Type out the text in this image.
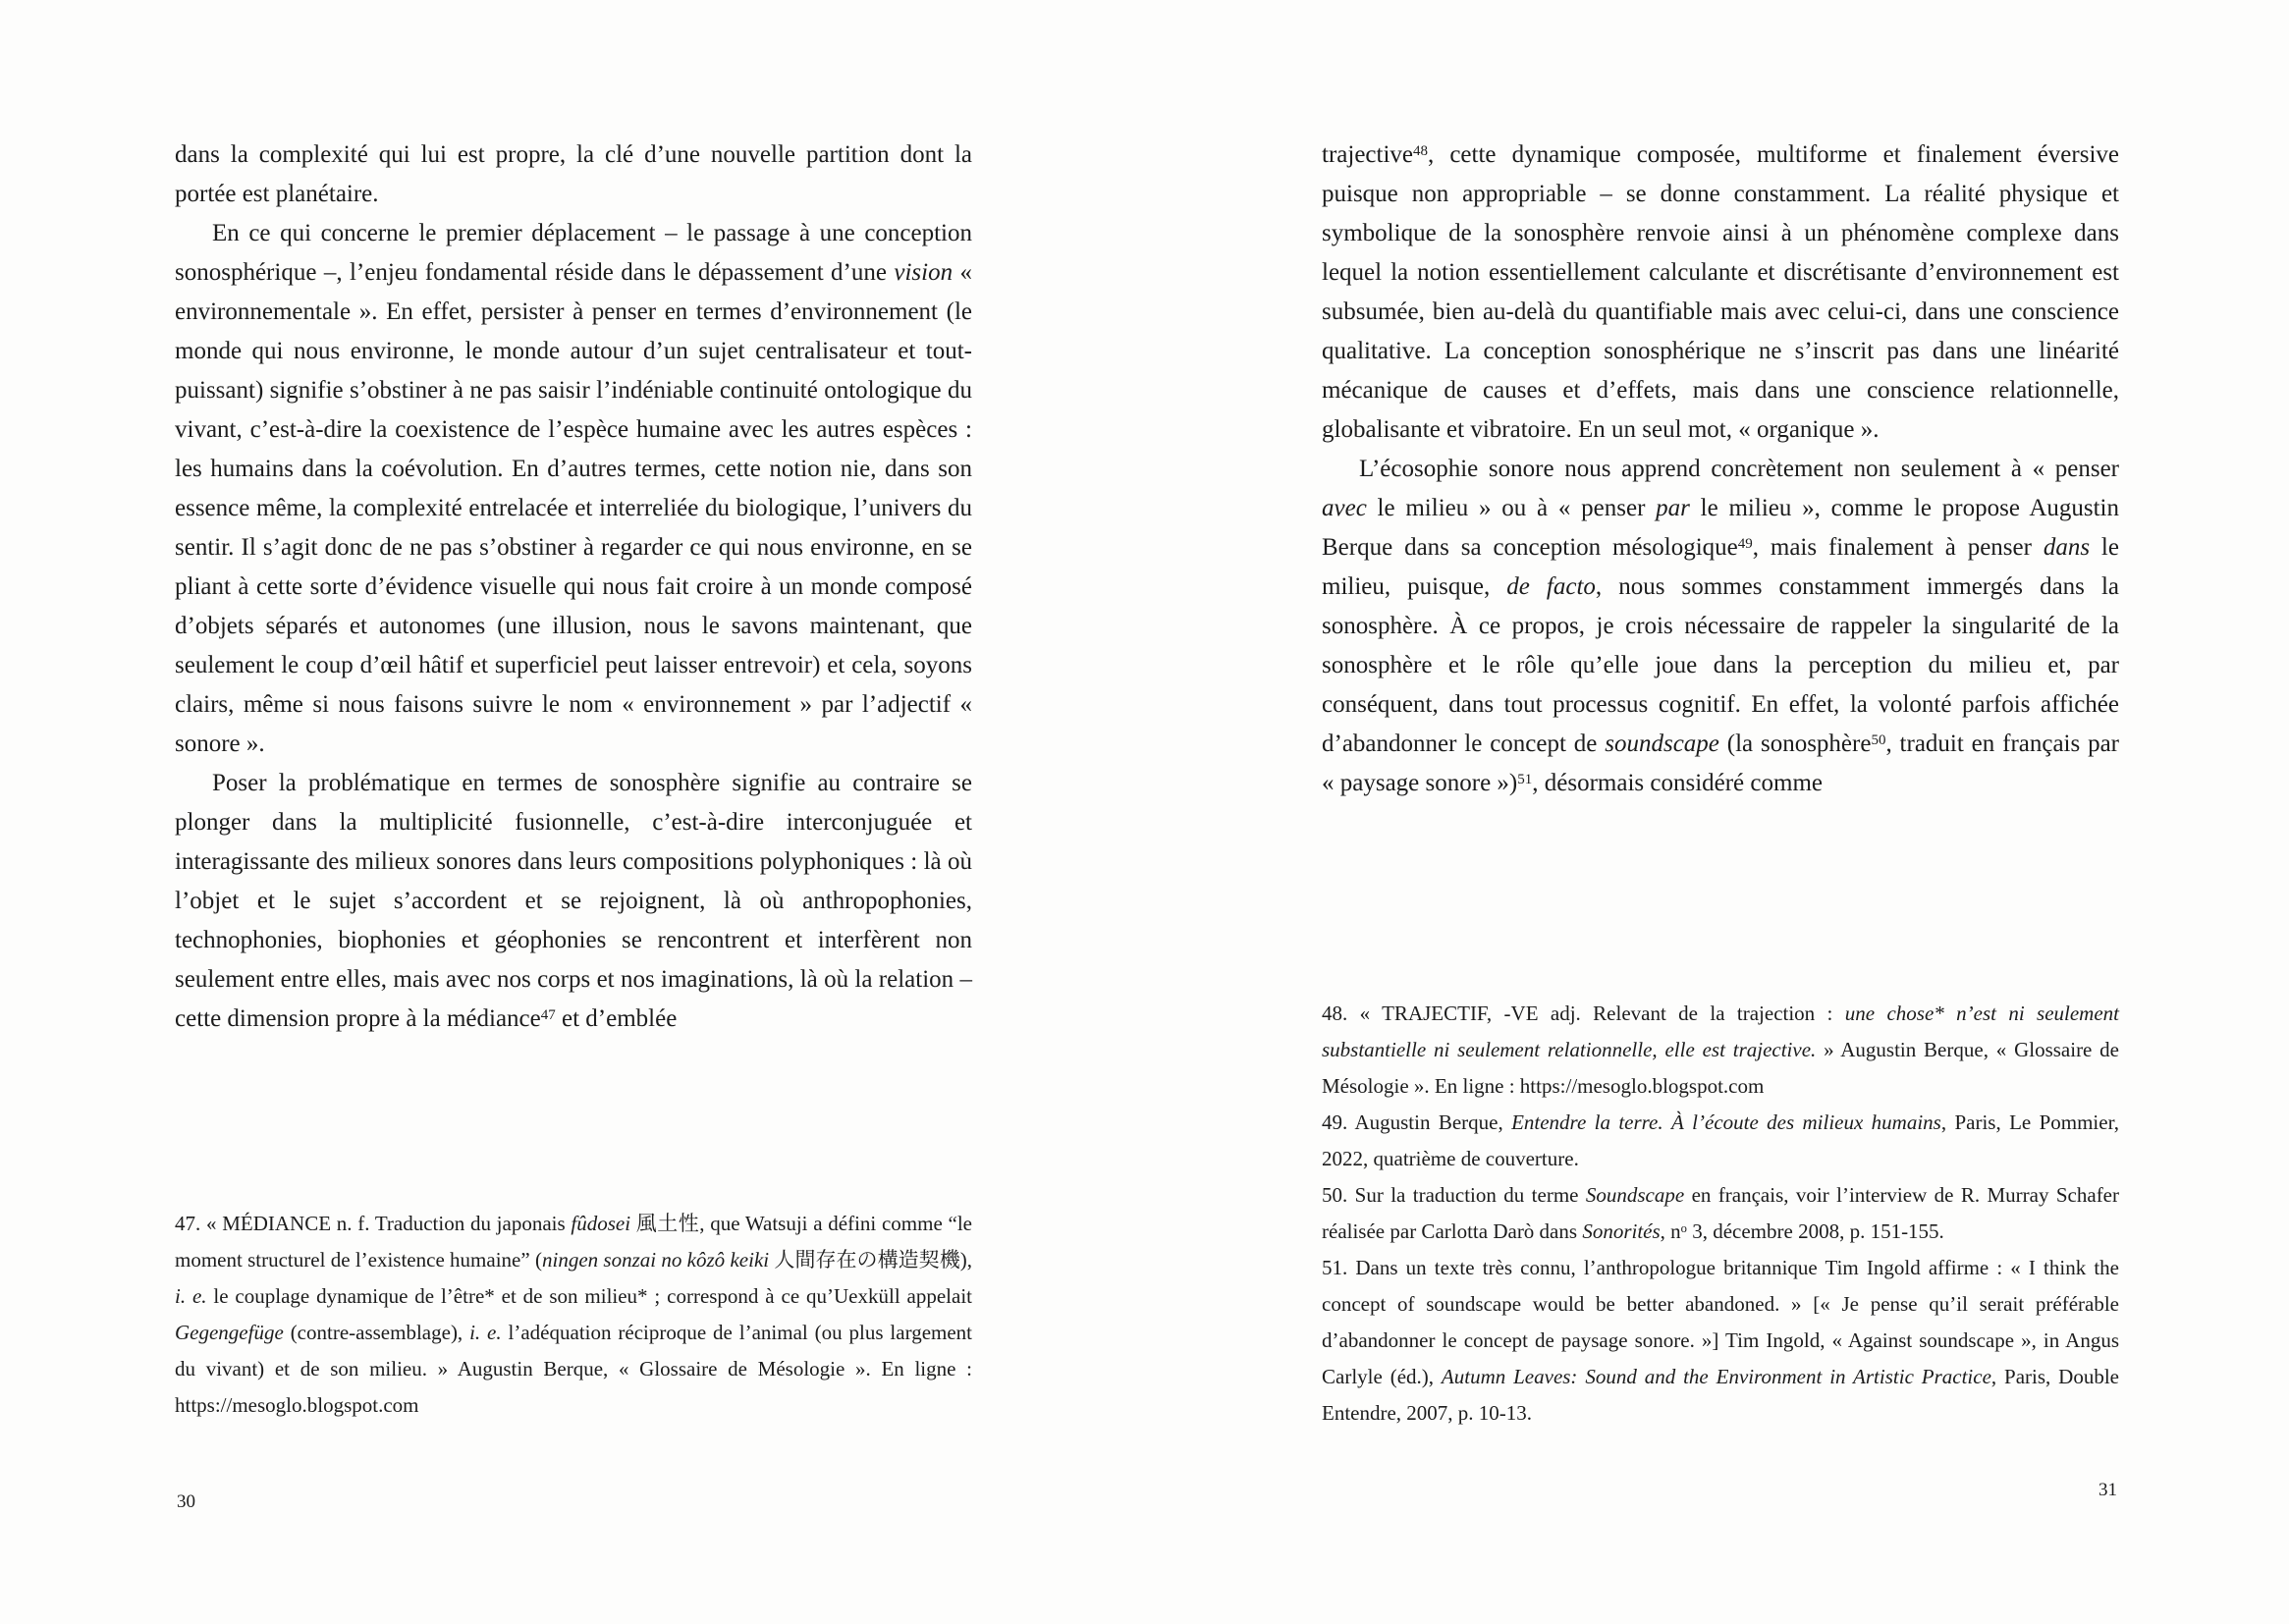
dans la complexité qui lui est propre, la clé d’une nouvelle partition dont la portée est planétaire.

En ce qui concerne le premier déplacement – le passage à une conception sonosphérique –, l’enjeu fondamental réside dans le dépassement d’une vision « environnementale ». En effet, persister à penser en termes d’environnement (le monde qui nous environne, le monde autour d’un sujet centralisateur et tout-puissant) signifie s’obstiner à ne pas saisir l’indéniable continuité ontologique du vivant, c’est-à-dire la coexistence de l’espèce humaine avec les autres espèces : les humains dans la coévolution. En d’autres termes, cette notion nie, dans son essence même, la complexité entrelacée et interreliée du biologique, l’univers du sentir. Il s’agit donc de ne pas s’obstiner à regarder ce qui nous environne, en se pliant à cette sorte d’évidence visuelle qui nous fait croire à un monde composé d’objets séparés et autonomes (une illusion, nous le savons maintenant, que seulement le coup d’œil hâtif et superficiel peut laisser entrevoir) et cela, soyons clairs, même si nous faisons suivre le nom « environnement » par l’adjectif « sonore ».

Poser la problématique en termes de sonosphère signifie au contraire se plonger dans la multiplicité fusionnelle, c’est-à-dire interconjuguée et interagissante des milieux sonores dans leurs compositions polyphoniques : là où l’objet et le sujet s’accordent et se rejoignent, là où anthropophonies, technophonies, biophonies et géophonies se rencontrent et interfèrent non seulement entre elles, mais avec nos corps et nos imaginations, là où la relation – cette dimension propre à la médiance$^{47}$ et d’emblée

47. « MÉDIANCE n. f. Traduction du japonais fûdosei 風土性, que Watsuji a défini comme “le moment structurel de l’existence humaine” (ningen sonzai no kôzô keiki 人間存在の構造契機), i. e. le couplage dynamique de l’être* et de son milieu* ; correspond à ce qu’Uexküll appelait Gegengefüge (contre-assemblage), i. e. l’adéquation réciproque de l’animal (ou plus largement du vivant) et de son milieu. » Augustin Berque, « Glossaire de Mésologie ». En ligne : https://mesoglo.blogspot.com

30

trajective$^{48}$, cette dynamique composée, multiforme et finalement éversive puisque non appropriable – se donne constamment. La réalité physique et symbolique de la sonosphère renvoie ainsi à un phénomène complexe dans lequel la notion essentiellement calculante et discrétisante d’environnement est subsumée, bien au-delà du quantifiable mais avec celui-ci, dans une conscience qualitative. La conception sonosphérique ne s’inscrit pas dans une linéarité mécanique de causes et d’effets, mais dans une conscience relationnelle, globalisante et vibratoire. En un seul mot, « organique ».

L’écosophie sonore nous apprend concrètement non seulement à « penser avec le milieu » ou à « penser par le milieu », comme le propose Augustin Berque dans sa conception mésologique$^{49}$, mais finalement à penser dans le milieu, puisque, de facto, nous sommes constamment immergés dans la sonosphère. À ce propos, je crois nécessaire de rappeler la singularité de la sonosphère et le rôle qu’elle joue dans la perception du milieu et, par conséquent, dans tout processus cognitif. En effet, la volonté parfois affichée d’abandonner le concept de soundscape (la sonosphère$^{50}$, traduit en français par « paysage sonore »)$^{51}$, désormais considéré comme

48. « TRAJECTIF, -VE adj. Relevant de la trajection : une chose* n’est ni seulement substantielle ni seulement relationnelle, elle est trajective. » Augustin Berque, « Glossaire de Mésologie ». En ligne : https://mesoglo.blogspot.com

49. Augustin Berque, Entendre la terre. À l’écoute des milieux humains, Paris, Le Pommier, 2022, quatrième de couverture.

50. Sur la traduction du terme Soundscape en français, voir l’interview de R. Murray Schafer réalisée par Carlotta Darò dans Sonorités, $n^o$ 3, décembre 2008, p. 151-155.

51. Dans un texte très connu, l’anthropologue britannique Tim Ingold affirme : « I think the concept of soundscape would be better abandoned. » [« Je pense qu’il serait préférable d’abandonner le concept de paysage sonore. »] Tim Ingold, « Against soundscape », in Angus Carlyle (éd.), Autumn Leaves: Sound and the Environment in Artistic Practice, Paris, Double Entendre, 2007, p. 10-13.

31
